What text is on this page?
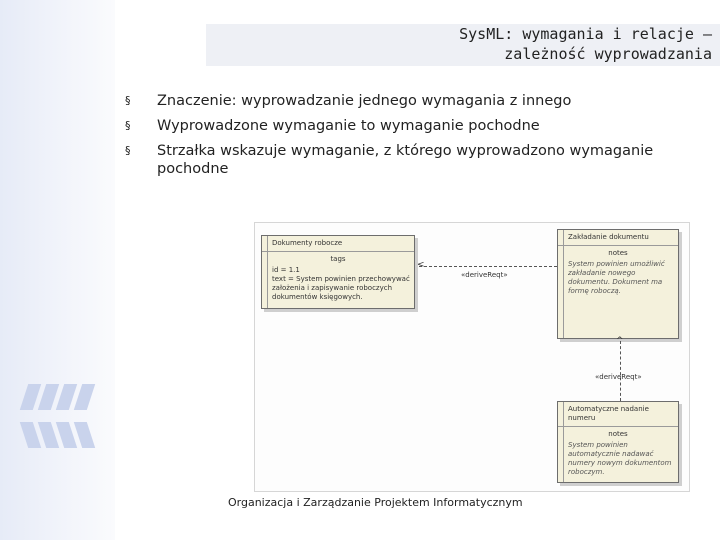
SysML: wymagania i relacje –
zależność wyprowadzania
§ Znaczenie: wyprowadzanie jednego wymagania z innego
§ Wyprowadzone wymaganie to wymaganie pochodne
§ Strzałka wskazuje wymaganie, z którego wyprowadzono wymaganie pochodne
Dokumenty robocze
tags
id = 1.1
text = System powinien przechowywać założenia i zapisywanie roboczych dokumentów księgowych.
Zakładanie dokumentu
notes
System powinien umożliwić zakładanie nowego dokumentu. Dokument ma formę roboczą.
Automatyczne nadanie numeru
notes
System powinien automatycznie nadawać numery nowym dokumentom roboczym.
<
«deriveReqt»
^
«deriveReqt»
Organizacja i Zarządzanie Projektem Informatycznym
